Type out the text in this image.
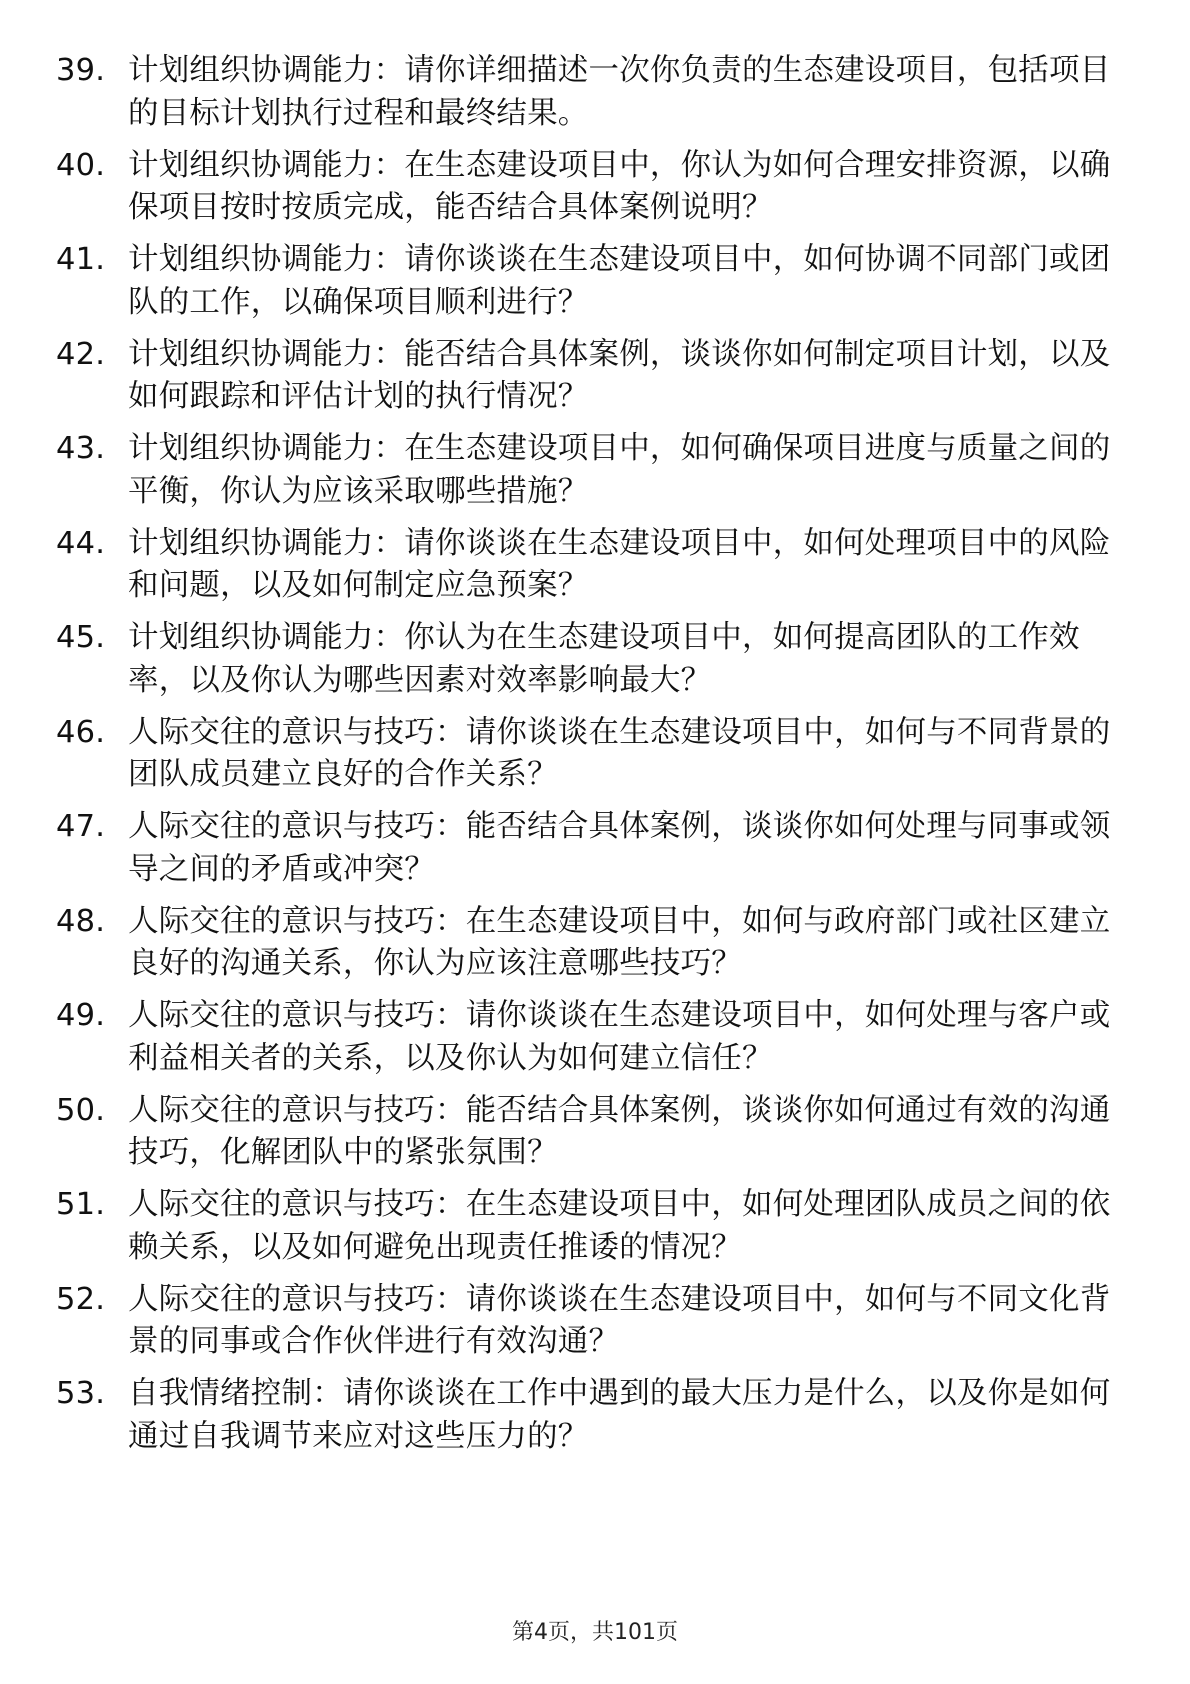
39. 计划组织协调能力：请你详细描述一次你负责的生态建设项目，包括项目的目标计划执行过程和最终结果。
40. 计划组织协调能力：在生态建设项目中，你认为如何合理安排资源，以确保项目按时按质完成，能否结合具体案例说明？
41. 计划组织协调能力：请你谈谈在生态建设项目中，如何协调不同部门或团队的工作，以确保项目顺利进行？
42. 计划组织协调能力：能否结合具体案例，谈谈你如何制定项目计划，以及如何跟踪和评估计划的执行情况？
43. 计划组织协调能力：在生态建设项目中，如何确保项目进度与质量之间的平衡，你认为应该采取哪些措施？
44. 计划组织协调能力：请你谈谈在生态建设项目中，如何处理项目中的风险和问题，以及如何制定应急预案？
45. 计划组织协调能力：你认为在生态建设项目中，如何提高团队的工作效率，以及你认为哪些因素对效率影响最大？
46. 人际交往的意识与技巧：请你谈谈在生态建设项目中，如何与不同背景的团队成员建立良好的合作关系？
47. 人际交往的意识与技巧：能否结合具体案例，谈谈你如何处理与同事或领导之间的矛盾或冲突？
48. 人际交往的意识与技巧：在生态建设项目中，如何与政府部门或社区建立良好的沟通关系，你认为应该注意哪些技巧？
49. 人际交往的意识与技巧：请你谈谈在生态建设项目中，如何处理与客户或利益相关者的关系，以及你认为如何建立信任？
50. 人际交往的意识与技巧：能否结合具体案例，谈谈你如何通过有效的沟通技巧，化解团队中的紧张氛围？
51. 人际交往的意识与技巧：在生态建设项目中，如何处理团队成员之间的依赖关系，以及如何避免出现责任推诿的情况？
52. 人际交往的意识与技巧：请你谈谈在生态建设项目中，如何与不同文化背景的同事或合作伙伴进行有效沟通？
53. 自我情绪控制：请你谈谈在工作中遇到的最大压力是什么，以及你是如何通过自我调节来应对这些压力的？
第4页，共101页
